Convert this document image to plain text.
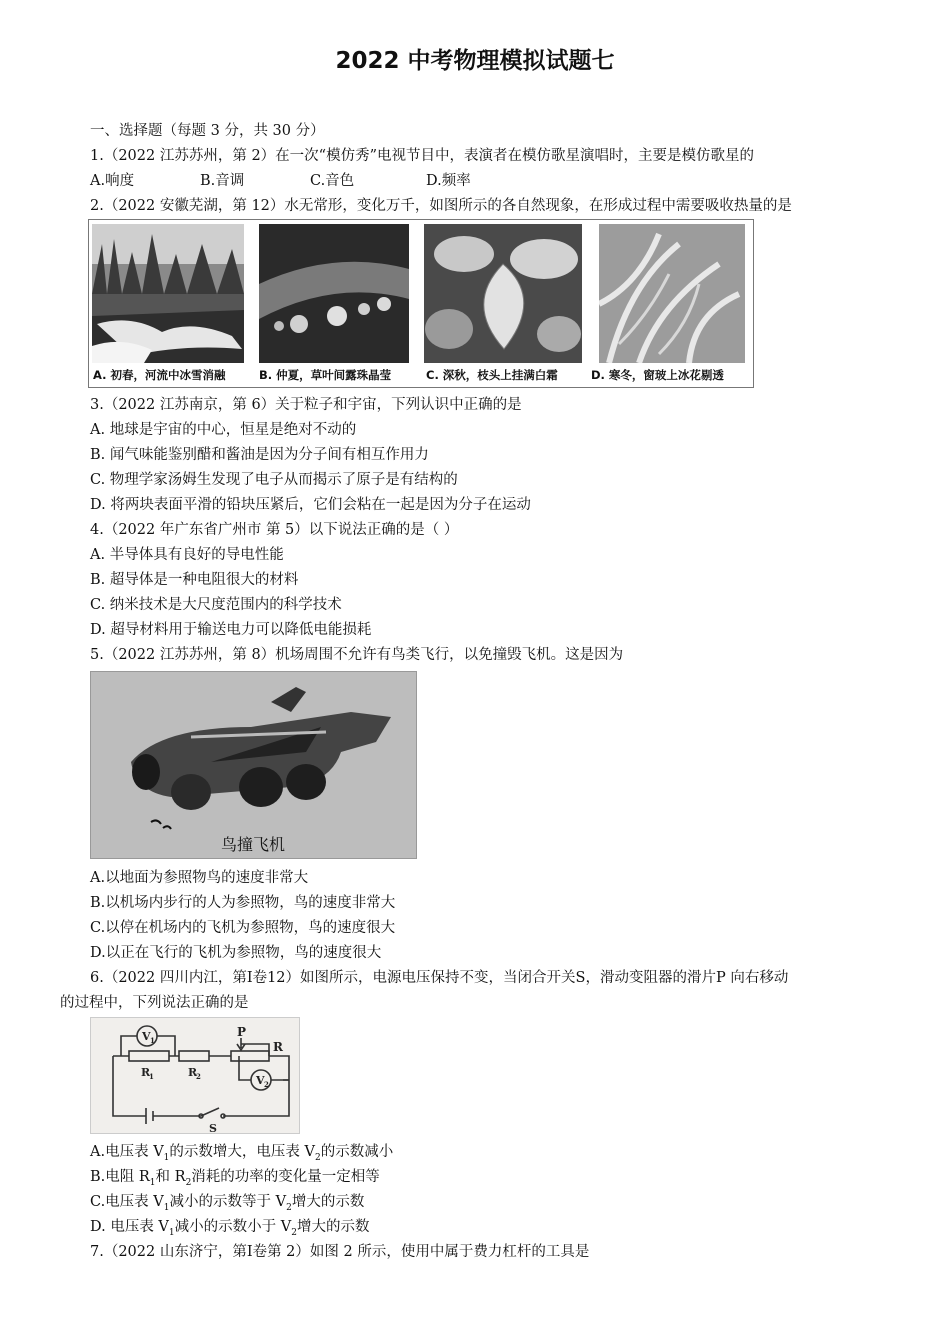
2022 中考物理模拟试题七
一、选择题（每题 3 分，共 30 分）
1.（2022 江苏苏州，第 2）在一次“模仿秀”电视节目中，表演者在模仿歌星演唱时，主要是模仿歌星的
A.响度	B.音调	C.音色	D.频率
2.（2022 安徽芜湖，第 12）水无常形，变化万千，如图所示的各自然现象，在形成过程中需要吸收热量的是
A. 初春，河流中冰雪消融	B. 仲夏，草叶间露珠晶莹	C. 深秋，枝头上挂满白霜	D. 寒冬，窗玻上冰花剔透
3.（2022 江苏南京，第 6）关于粒子和宇宙，下列认识中正确的是
A. 地球是宇宙的中心，恒星是绝对不动的
B. 闻气味能鉴别醋和酱油是因为分子间有相互作用力
C. 物理学家汤姆生发现了电子从而揭示了原子是有结构的
D. 将两块表面平滑的铅块压紧后，它们会粘在一起是因为分子在运动
4.（2022 年广东省广州市 第 5）以下说法正确的是（ ）
A. 半导体具有良好的导电性能
B. 超导体是一种电阻很大的材料
C. 纳米技术是大尺度范围内的科学技术
D. 超导材料用于输送电力可以降低电能损耗
5.（2022 江苏苏州，第 8）机场周围不允许有鸟类飞行，以免撞毁飞机。这是因为
鸟撞飞机
A.以地面为参照物鸟的速度非常大
B.以机场内步行的人为参照物，鸟的速度非常大
C.以停在机场内的飞机为参照物，鸟的速度很大
D.以正在飞行的飞机为参照物，鸟的速度很大
6.（2022 四川内江，第Ⅰ卷12）如图所示，电源电压保持不变，当闭合开关S，滑动变阻器的滑片P 向右移动
的过程中，下列说法正确的是
V 1
V 2
R
1	R
2
R
P
S
A.电压表 $V_1$的示数增大，电压表 $V_2$的示数减小
B.电阻 $R_1$和 $R_2$消耗的功率的变化量一定相等
C.电压表 $V_1$减小的示数等于 $V_2$增大的示数
D. 电压表 $V_1$减小的示数小于 $V_2$增大的示数
7.（2022 山东济宁，第Ⅰ卷第 2）如图 2 所示，使用中属于费力杠杆的工具是
